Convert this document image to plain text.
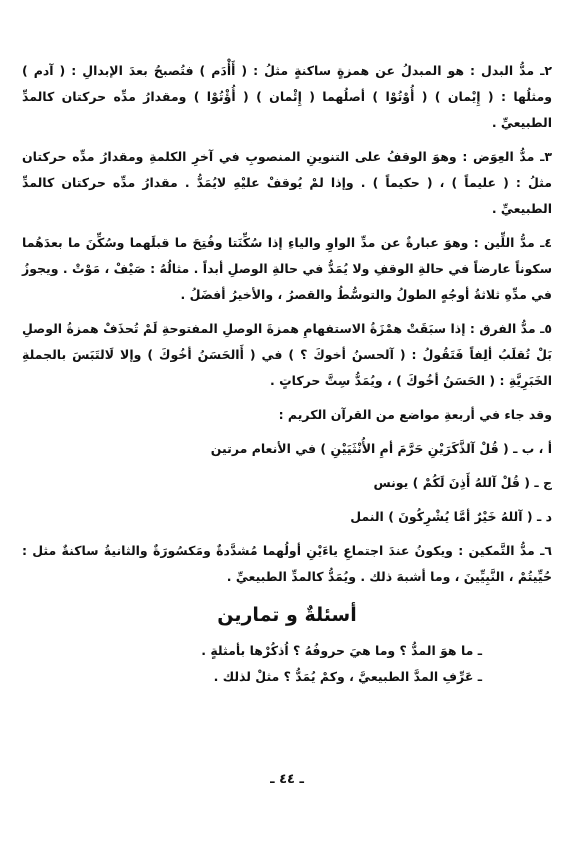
٢ـ مدُّ البدل : هو المبدلُ عن همزةٍ ساكنةٍ مثلُ : ( أَأْدَم ) فتُصبحُ بعدَ الإبدالِ : ( آدم ) ومثلُها : ( إِيْمان ) ( أُوْتُوْا ) أصلُهما ( إِئْمان ) ( أُؤْتُوْا ) ومقدارُ مدِّه حركتان كالمدِّ الطبيعيِّ .

٣ـ مدُّ العِوَض : وهوَ الوقفُ على التنوينِ المنصوبِ في آخرِ الكلمةِ ومقدارُ مدِّه حركتان مثلُ : ( عليماً ) ، ( حكيماً ) . وإذا لمْ يُوقفْ عليْهِ لايُمَدُّ . مقدارُ مدِّه حركتان كالمدِّ الطبيعيِّ .

٤ـ مدُّ اللِّين : وهوَ عبارةٌ عن مدِّ الواوِ والياءِ إذا سُكِّنَتا وفُتِحَ ما قبلَهما وسُكِّنَ ما بعدَهُما سكوناً عارضاً في حالةِ الوقفِ ولا يُمَدُّ في حالةِ الوصلِ أبداً . مثالُهُ : صَيْفْ ، مَوْتْ . ويجوزُ في مدِّهِ ثلاثةُ أوجُهٍ الطولُ والتوسُّطُ والقصرُ ، والأخيرُ أفضَلُ .

٥ـ مدُّ الفرق : إذا سبَقَتْ همْزَةُ الاستفهامِ همزةَ الوصلِ المفتوحةِ لَمْ تُحذَفْ همزةُ الوصلِ بَلْ تُقلَبُ ألِفاً فَتَقُولُ : ( آلحسنُ أخوكَ ؟ ) في ( أَالحَسَنُ أخُوكَ ) وإلا لَالتَبَسَ بالجملةِ الخَبَرِيَّةِ : ( الحَسَنُ أخُوكَ ) ، ويُمَدُّ سِتَّ حركاتٍ .

وقد جاء في أربعةِ مواضع من القرآن الكريم :

أ ، ب ـ ( قُلْ آلذَّكَرَيْنِ حَرَّمَ أمِ الأُنْثَيَيْنِ ) في الأنعام مرتين

ج ـ ( قُلْ آللهُ أَذِنَ لَكُمْ ) يونس

د ـ ( آللهُ خَيْرٌ أمَّا يُشْرِكُونَ ) النمل

٦ـ مدُّ التَّمكين : ويكونُ عندَ اجتماعِ ياءَيْنِ أولُهما مُشدَّدةٌ ومَكسُورَةٌ والثانيةُ ساكنةٌ مثل : حُيِّيتُمْ ، النَّبِيِّينَ ، وما أشبهَ ذلك . ويُمَدُّ كالمدِّ الطبيعيِّ .

أسئلةٌ و تمارين
ـ ما هوَ المدُّ ؟ وما هيَ حروفُهُ ؟ اُذكُرْها بأمثلةٍ .
ـ عَرِّفِ المدَّ الطبيعيَّ ، وكمْ يُمَدُّ ؟ مثلْ لذلك .
ـ ٤٤ ـ
